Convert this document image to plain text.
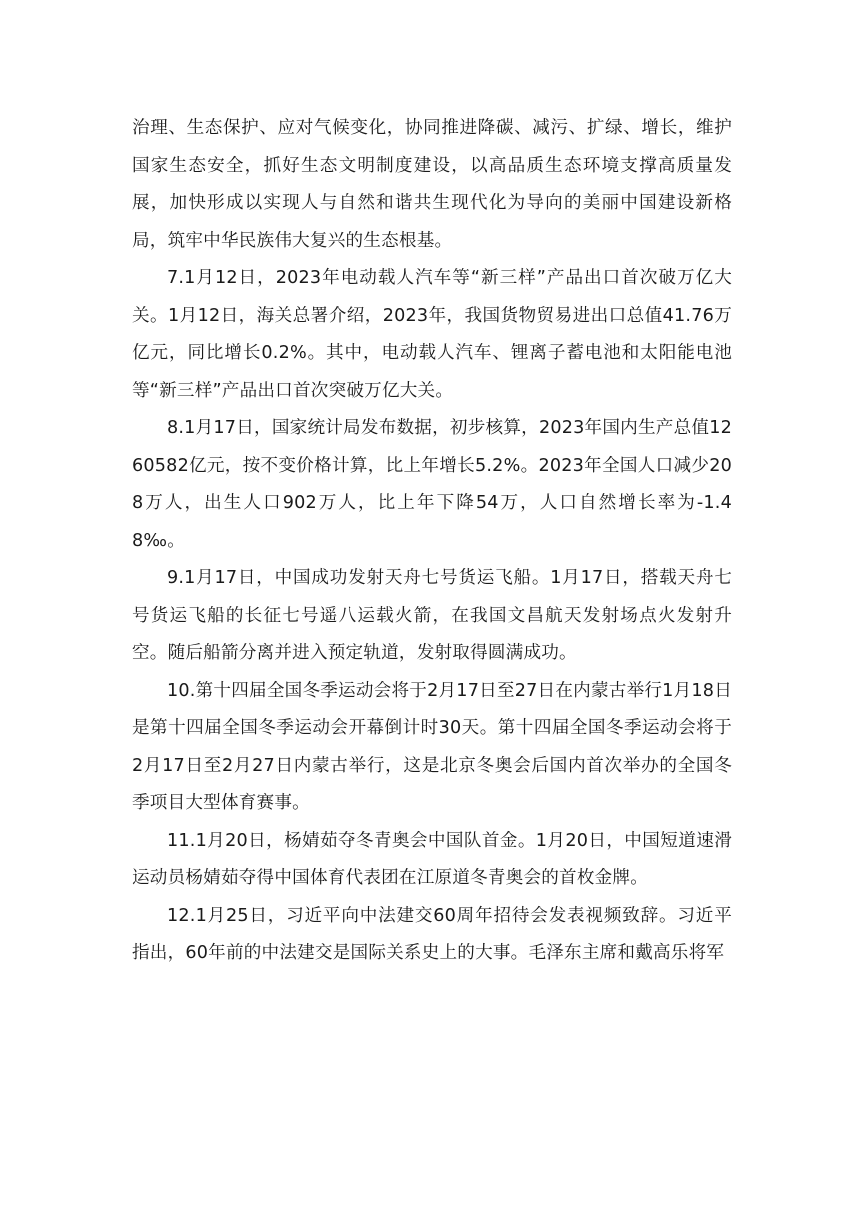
治理、生态保护、应对气候变化，协同推进降碳、减污、扩绿、增长，维护国家生态安全，抓好生态文明制度建设，以高品质生态环境支撑高质量发展，加快形成以实现人与自然和谐共生现代化为导向的美丽中国建设新格局，筑牢中华民族伟大复兴的生态根基。

7.1月12日，2023年电动载人汽车等“新三样”产品出口首次破万亿大关。1月12日，海关总署介绍，2023年，我国货物贸易进出口总值41.76万亿元，同比增长0.2%。其中，电动载人汽车、锂离子蓄电池和太阳能电池等“新三样”产品出口首次突破万亿大关。

8.1月17日，国家统计局发布数据，初步核算，2023年国内生产总值1260582亿元，按不变价格计算，比上年增长5.2%。2023年全国人口减少208万人，出生人口902万人，比上年下降54万，人口自然增长率为-1.48‰。

9.1月17日，中国成功发射天舟七号货运飞船。1月17日，搭载天舟七号货运飞船的长征七号遥八运载火箭，在我国文昌航天发射场点火发射升空。随后船箭分离并进入预定轨道，发射取得圆满成功。

10.第十四届全国冬季运动会将于2月17日至27日在内蒙古举行1月18日是第十四届全国冬季运动会开幕倒计时30天。第十四届全国冬季运动会将于2月17日至2月27日内蒙古举行，这是北京冬奥会后国内首次举办的全国冬季项目大型体育赛事。

11.1月20日，杨婧茹夺冬青奥会中国队首金。1月20日，中国短道速滑运动员杨婧茹夺得中国体育代表团在江原道冬青奥会的首枚金牌。

12.1月25日，习近平向中法建交60周年招待会发表视频致辞。习近平指出，60年前的中法建交是国际关系史上的大事。毛泽东主席和戴高乐将军
